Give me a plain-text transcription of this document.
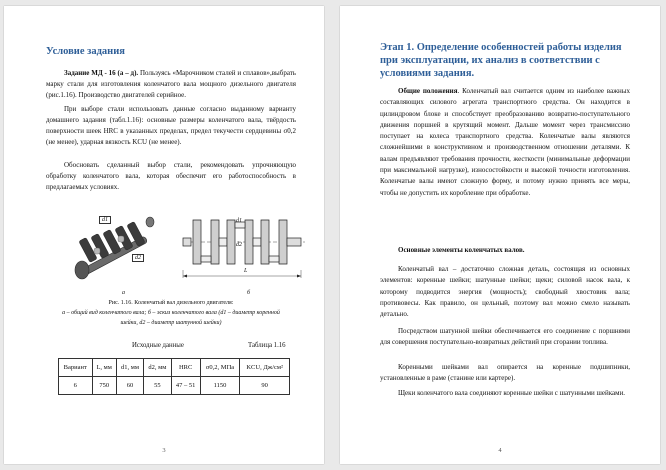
Условие задания

Задание МД - 16 (а – д). Пользуясь «Марочником сталей и сплавов»,выбрать марку стали для изготовления коленчатого вала мощного дизельного двигателя (рис.1.16). Производство двигателей серийное.

При выборе стали использовать данные согласно выданному варианту домашнего задания (табл.1.16): основные размеры коленчатого вала, твёрдость поверхности шеек HRC в указанных пределах, предел текучести сердцевины σ0,2 (не менее), ударная вязкость KCU (не менее).

Обосновать сделанный выбор стали, рекомендовать упрочняющую обработку коленчатого вала, которая обеспечит его работоспособность в предлагаемых условиях.

d1
d2
d1
d2
L
а	б
Рис. 1.16. Коленчатый вал дизельного двигателя:
а – общий вид коленчатого вала; б – эскиз коленчатого вала (d1 – диаметр коренной
шейки, d2 – диаметр шатунной шейки)
Исходные данные	Таблица 1.16
Вариант	L, мм	d1, мм	d2, мм	HRC	σ0,2, МПа	KCU, Дж/см²
6	750	60	55	47 – 51	1150	90
3
Этап 1. Определение особенностей работы изделия при эксплуатации, их анализ в соответствии с условиями задания.

Общие положения. Коленчатый вал считается одним из наиболее важных составляющих силового агрегата транспортного средства. Он находится в цилиндровом блоке и способствует преобразованию возвратно-поступательного движения поршней в крутящий момент. Дальше момент через трансмиссию поступает на колеса транспортного средства. Коленчатые валы являются сложнейшими в конструктивном и производственном отношении деталями. К валам предъявляют требования прочности, жесткости (минимальные деформации при максимальной нагрузке), износостойкости и высокой точности изготовления. Коленчатые валы имеют сложную форму, и потому нужно принять все меры, чтобы не допустить их коробление при обработке.

Основные элементы коленчатых валов.

Коленчатый вал – достаточно сложная деталь, состоящая из основных элементов: коренные шейки; шатунные шейки; щеки; силовой насок вала, к которому подводится энергия (мощность); свободный хвостовик вала; противовесы. Как правило, он цельный, поэтому вал можно смело называть детально.

Посредством шатунной шейки обеспечивается его соединение с поршнями для совершения поступательно-возвратных действий при сгорании топлива.

Коренными шейками вал опирается на коренные подшипники, установленные в раме (станине или картере).

Щеки коленчатого вала соединяют коренные шейки с шатунными шейками.

4
